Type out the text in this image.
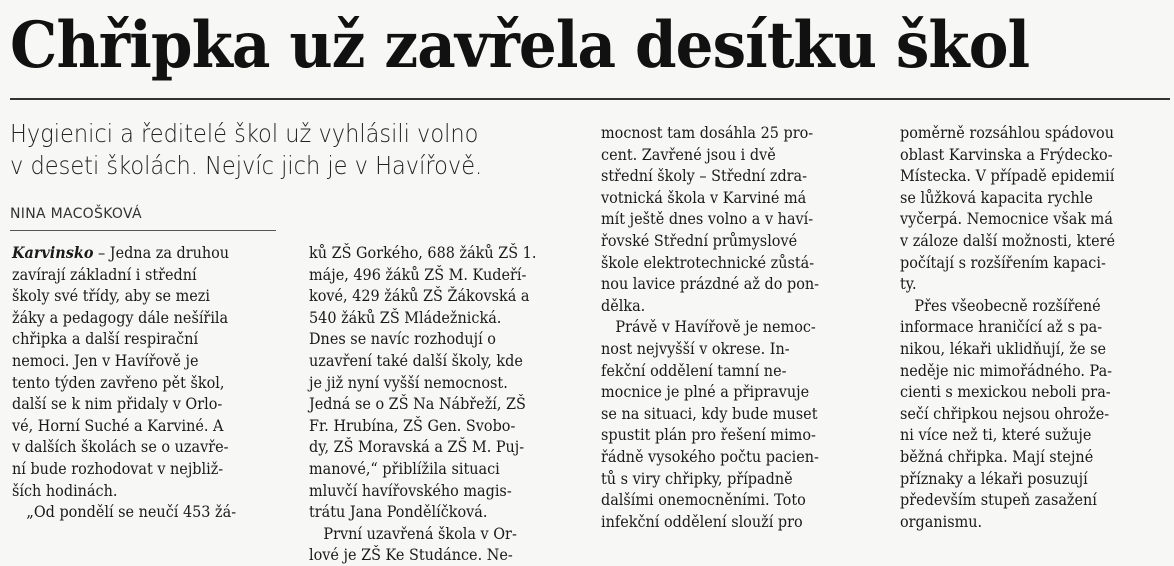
Chřipka už zavřela desítku škol
Hygienici a ředitelé škol už vyhlásili volno
v deseti školách. Nejvíc jich je v Havířově.
NINA MACOŠKOVÁ
Karvinsko – Jedna za druhou
zavírají základní i střední
školy své třídy, aby se mezi
žáky a pedagogy dále nešířila
chřipka a další respirační
nemoci. Jen v Havířově je
tento týden zavřeno pět škol,
další se k nim přidaly v Orlo-
vé, Horní Suché a Karviné. A
v dalších školách se o uzavře-
ní bude rozhodovat v nejbliž-
ších hodinách.
„Od pondělí se neučí 453 žá-
ků ZŠ Gorkého, 688 žáků ZŠ 1.
máje, 496 žáků ZŠ M. Kudeří-
kové, 429 žáků ZŠ Žákovská a
540 žáků ZŠ Mládežnická.
Dnes se navíc rozhodují o
uzavření také další školy, kde
je již nyní vyšší nemocnost.
Jedná se o ZŠ Na Nábřeží, ZŠ
Fr. Hrubína, ZŠ Gen. Svobo-
dy, ZŠ Moravská a ZŠ M. Puj-
manové,“ přiblížila situaci
mluvčí havířovského magis-
trátu Jana Pondělíčková.
První uzavřená škola v Or-
lové je ZŠ Ke Studánce. Ne-
mocnost tam dosáhla 25 pro-
cent. Zavřené jsou i dvě
střední školy – Střední zdra-
votnická škola v Karviné má
mít ještě dnes volno a v haví-
řovské Střední průmyslové
škole elektrotechnické zůstá-
nou lavice prázdné až do pon-
dělka.
Právě v Havířově je nemoc-
nost nejvyšší v okrese. In-
fekční oddělení tamní ne-
mocnice je plné a připravuje
se na situaci, kdy bude muset
spustit plán pro řešení mimo-
řádně vysokého počtu pacien-
tů s viry chřipky, případně
dalšími onemocněními. Toto
infekční oddělení slouží pro
poměrně rozsáhlou spádovou
oblast Karvinska a Frýdecko-
Místecka. V případě epidemií
se lůžková kapacita rychle
vyčerpá. Nemocnice však má
v záloze další možnosti, které
počítají s rozšířením kapaci-
ty.
Přes všeobecně rozšířené
informace hraničící až s pa-
nikou, lékaři uklidňují, že se
neděje nic mimořádného. Pa-
cienti s mexickou neboli pra-
sečí chřipkou nejsou ohrože-
ni více než ti, které sužuje
běžná chřipka. Mají stejné
příznaky a lékaři posuzují
především stupeň zasažení
organismu.
